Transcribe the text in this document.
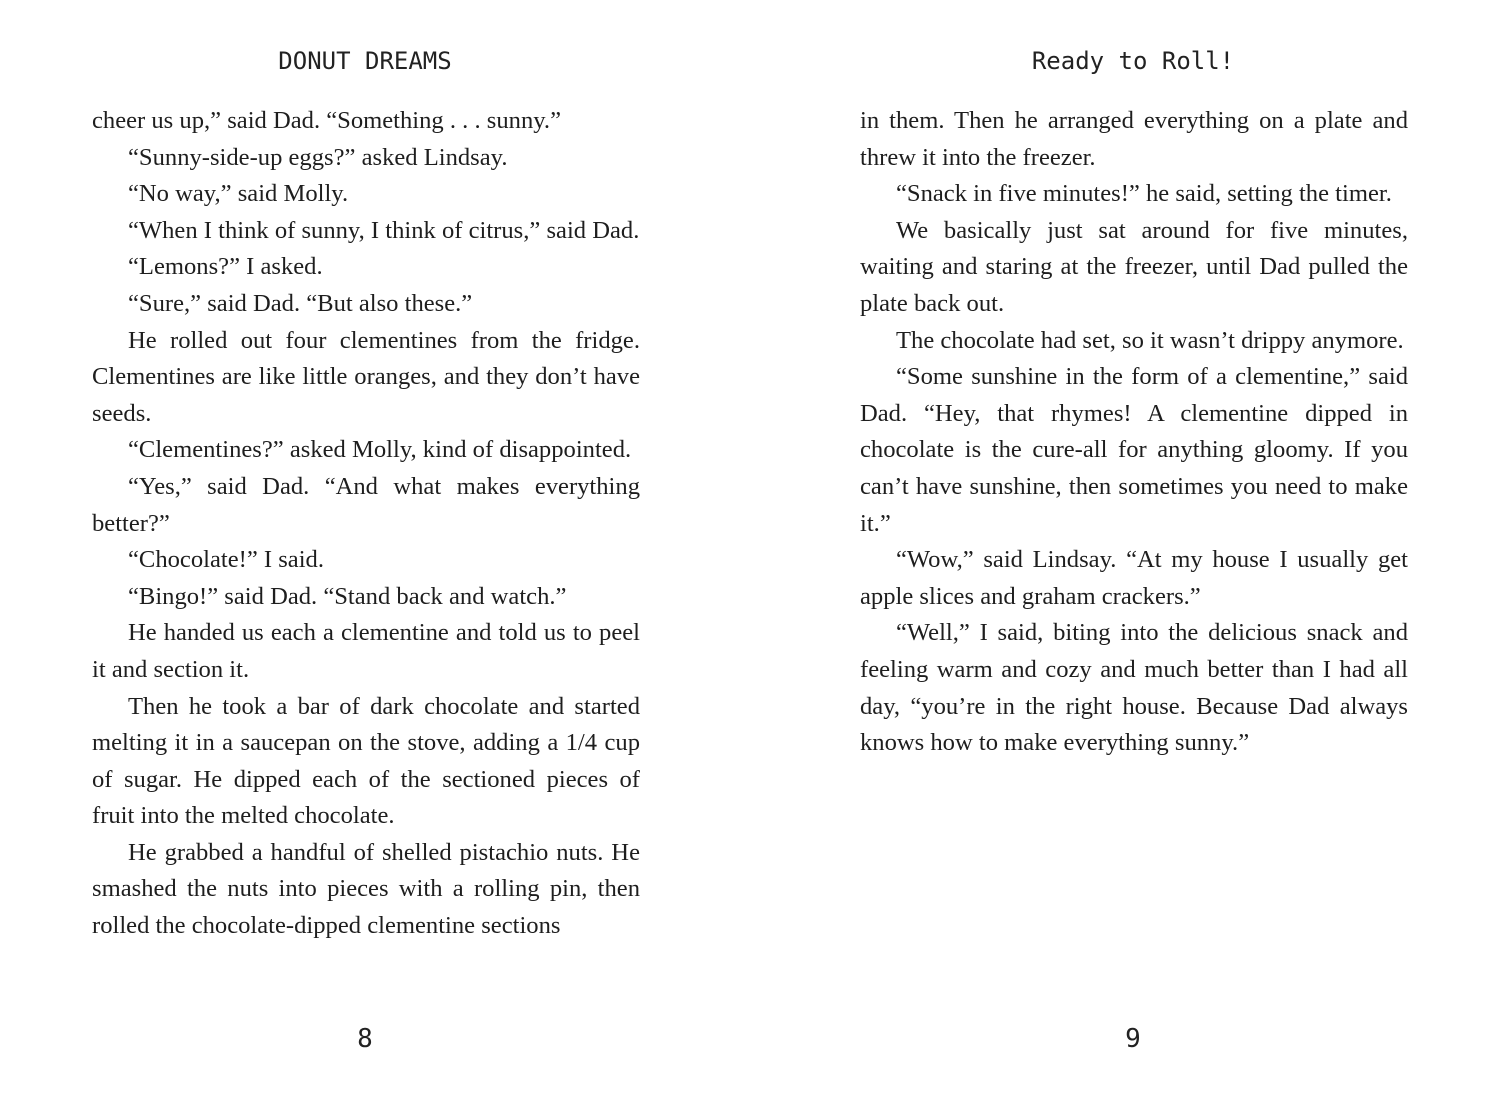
DONUT DREAMS

cheer us up,” said Dad. “Something . . . sunny.”

“Sunny-side-up eggs?” asked Lindsay.

“No way,” said Molly.

“When I think of sunny, I think of citrus,” said Dad.

“Lemons?” I asked.

“Sure,” said Dad. “But also these.”

He rolled out four clementines from the fridge. Clementines are like little oranges, and they don’t have seeds.

“Clementines?” asked Molly, kind of disappointed.

“Yes,” said Dad. “And what makes everything better?”

“Chocolate!” I said.

“Bingo!” said Dad. “Stand back and watch.”

He handed us each a clementine and told us to peel it and section it.

Then he took a bar of dark chocolate and started melting it in a saucepan on the stove, adding a 1/4 cup of sugar. He dipped each of the sectioned pieces of fruit into the melted chocolate.

He grabbed a handful of shelled pistachio nuts. He smashed the nuts into pieces with a rolling pin, then rolled the chocolate-dipped clementine sections

8
Ready to Roll!

in them. Then he arranged everything on a plate and threw it into the freezer.

“Snack in five minutes!” he said, setting the timer.

We basically just sat around for five minutes, waiting and staring at the freezer, until Dad pulled the plate back out.

The chocolate had set, so it wasn’t drippy anymore.

“Some sunshine in the form of a clementine,” said Dad. “Hey, that rhymes! A clementine dipped in chocolate is the cure-all for anything gloomy. If you can’t have sunshine, then sometimes you need to make it.”

“Wow,” said Lindsay. “At my house I usually get apple slices and graham crackers.”

“Well,” I said, biting into the delicious snack and feeling warm and cozy and much better than I had all day, “you’re in the right house. Because Dad always knows how to make everything sunny.”

9
